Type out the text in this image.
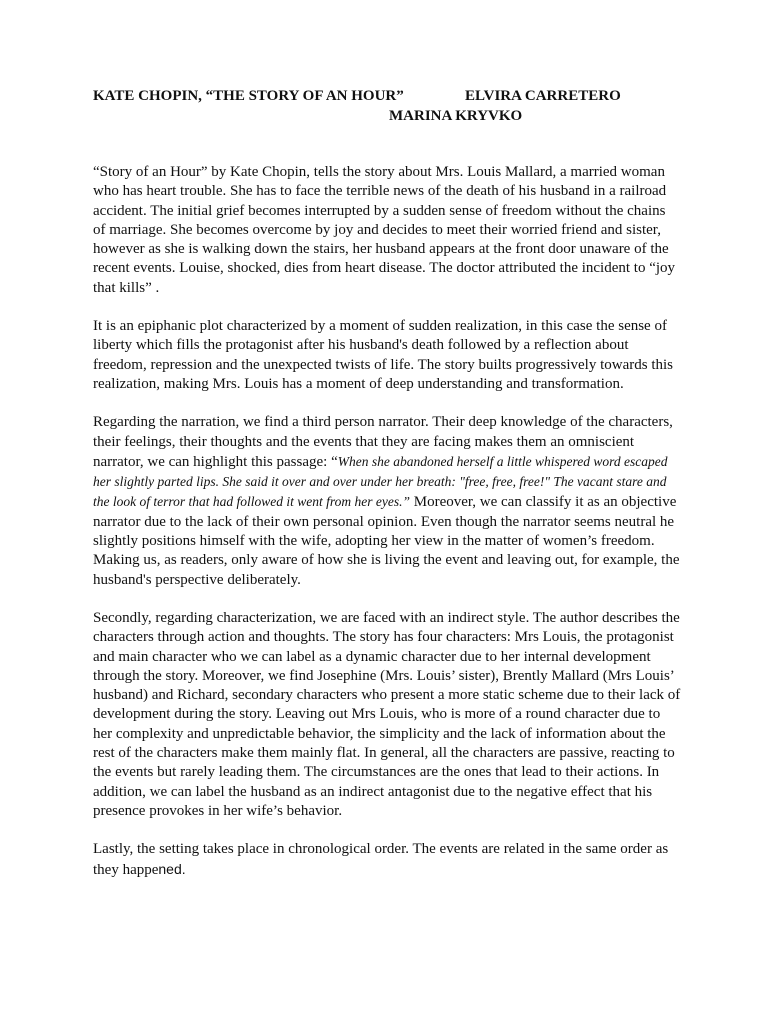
KATE CHOPIN, “THE STORY OF AN HOUR”	ELVIRA CARRETERO
MARINA KRYVKO

“Story of an Hour” by Kate Chopin, tells the story about Mrs. Louis Mallard, a married woman who has heart trouble. She has to face the terrible news of the death of his husband in a railroad accident. The initial grief becomes interrupted by a sudden sense of freedom without the chains of marriage. She becomes overcome by joy and decides to meet their worried friend and sister, however as she is walking down the stairs, her husband appears at the front door unaware of the recent events. Louise, shocked, dies from heart disease. The doctor attributed the incident to “joy that kills” .

It is an epiphanic plot characterized by a moment of sudden realization, in this case the sense of liberty which fills the protagonist after his husband's death followed by a reflection about freedom, repression and the unexpected twists of life. The story builts progressively towards this realization, making Mrs. Louis has a moment of deep understanding and transformation.

Regarding the narration, we find a third person narrator. Their deep knowledge of the characters, their feelings, their thoughts and the events that they are facing makes them an omniscient narrator, we can highlight this passage: “When she abandoned herself a little whispered word escaped her slightly parted lips. She said it over and over under her breath: "free, free, free!" The vacant stare and the look of terror that had followed it went from her eyes.” Moreover, we can classify it as an objective narrator due to the lack of their own personal opinion. Even though the narrator seems neutral he slightly positions himself with the wife, adopting her view in the matter of women’s freedom. Making us, as readers, only aware of how she is living the event and leaving out, for example, the husband's perspective deliberately.

Secondly, regarding characterization, we are faced with an indirect style. The author describes the characters through action and thoughts. The story has four characters: Mrs Louis, the protagonist and main character who we can label as a dynamic character due to her internal development through the story. Moreover, we find Josephine (Mrs. Louis’ sister), Brently Mallard (Mrs Louis’ husband) and Richard, secondary characters who present a more static scheme due to their lack of development during the story. Leaving out Mrs Louis, who is more of a round character due to her complexity and unpredictable behavior, the simplicity and the lack of information about the rest of the characters make them mainly flat. In general, all the characters are passive, reacting to the events but rarely leading them. The circumstances are the ones that lead to their actions. In addition, we can label the husband as an indirect antagonist due to the negative effect that his presence provokes in her wife’s behavior.

Lastly, the setting takes place in chronological order. The events are related in the same order as they happened.
